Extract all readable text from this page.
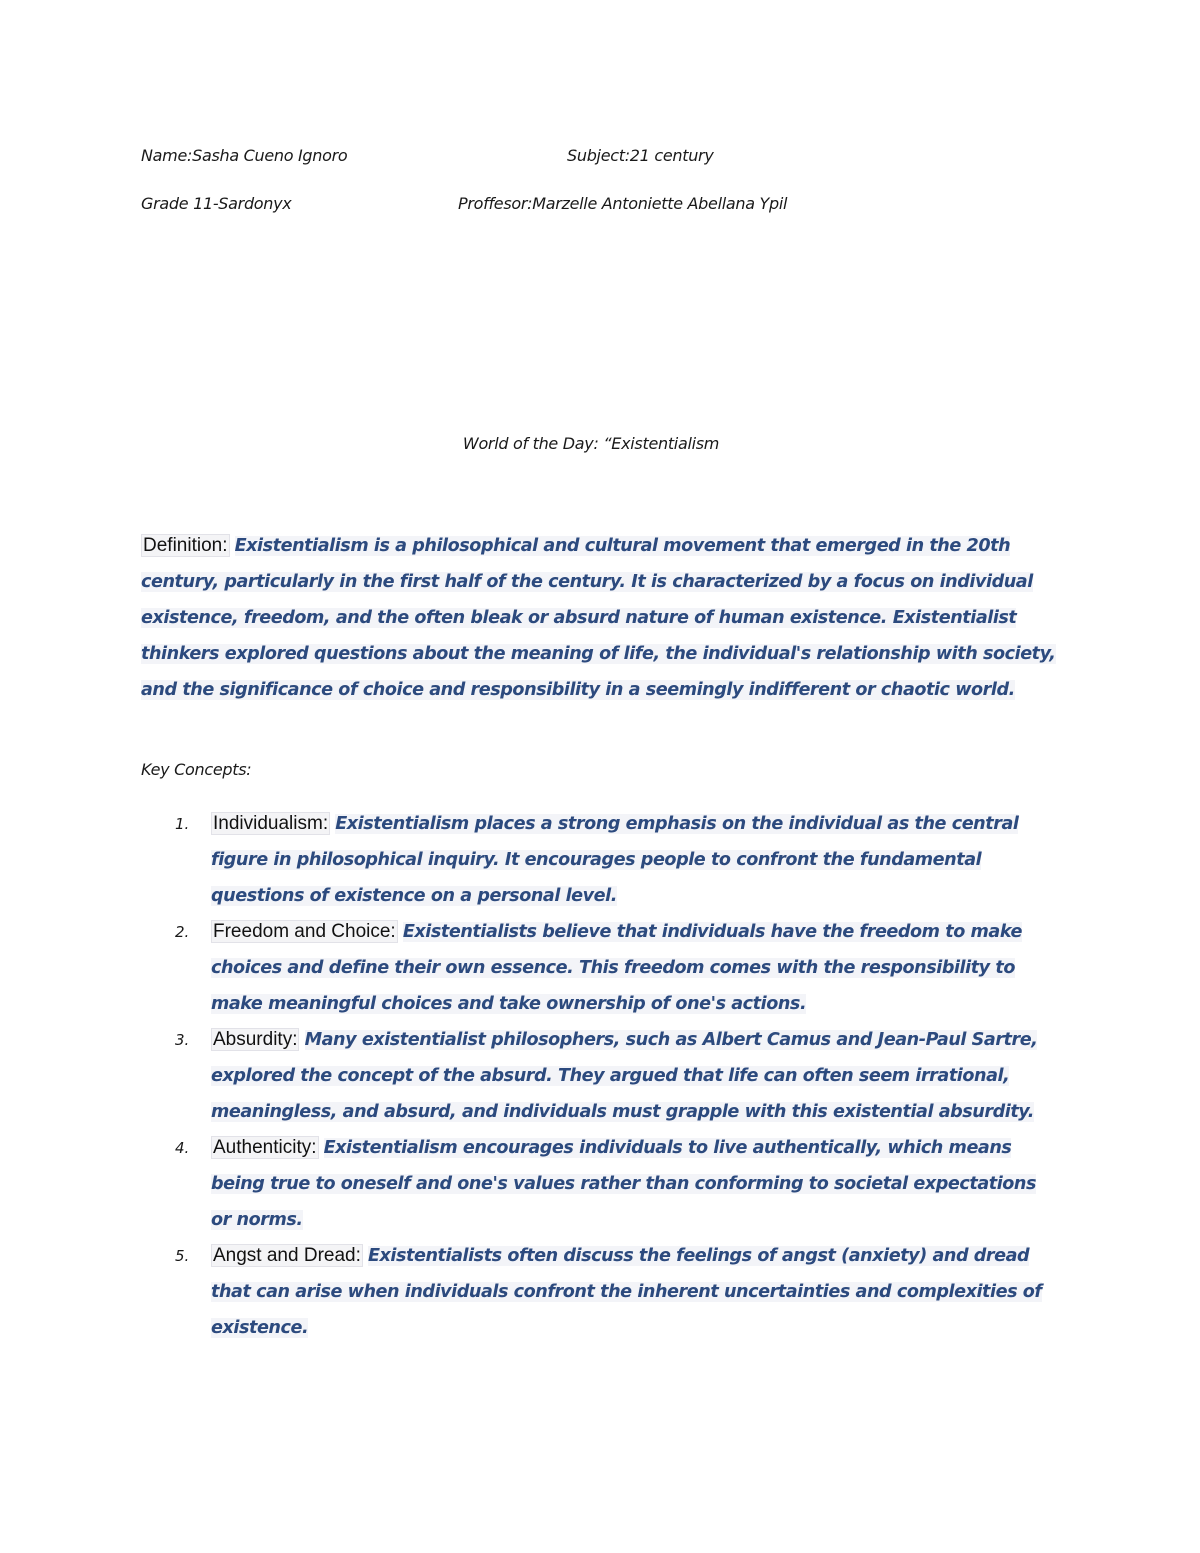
Name:Sasha Cueno Ignoro	Subject:21 century
Grade 11-Sardonyx	Proffesor:Marzelle Antoniette Abellana Ypil
World of the Day: “Existentialism
Definition: Existentialism is a philosophical and cultural movement that emerged in the 20th century, particularly in the first half of the century. It is characterized by a focus on individual existence, freedom, and the often bleak or absurd nature of human existence. Existentialist thinkers explored questions about the meaning of life, the individual's relationship with society, and the significance of choice and responsibility in a seemingly indifferent or chaotic world.
Key Concepts:
1. Individualism: Existentialism places a strong emphasis on the individual as the central figure in philosophical inquiry. It encourages people to confront the fundamental questions of existence on a personal level.
2. Freedom and Choice: Existentialists believe that individuals have the freedom to make choices and define their own essence. This freedom comes with the responsibility to make meaningful choices and take ownership of one's actions.
3. Absurdity: Many existentialist philosophers, such as Albert Camus and Jean-Paul Sartre, explored the concept of the absurd. They argued that life can often seem irrational, meaningless, and absurd, and individuals must grapple with this existential absurdity.
4. Authenticity: Existentialism encourages individuals to live authentically, which means being true to oneself and one's values rather than conforming to societal expectations or norms.
5. Angst and Dread: Existentialists often discuss the feelings of angst (anxiety) and dread that can arise when individuals confront the inherent uncertainties and complexities of existence.
